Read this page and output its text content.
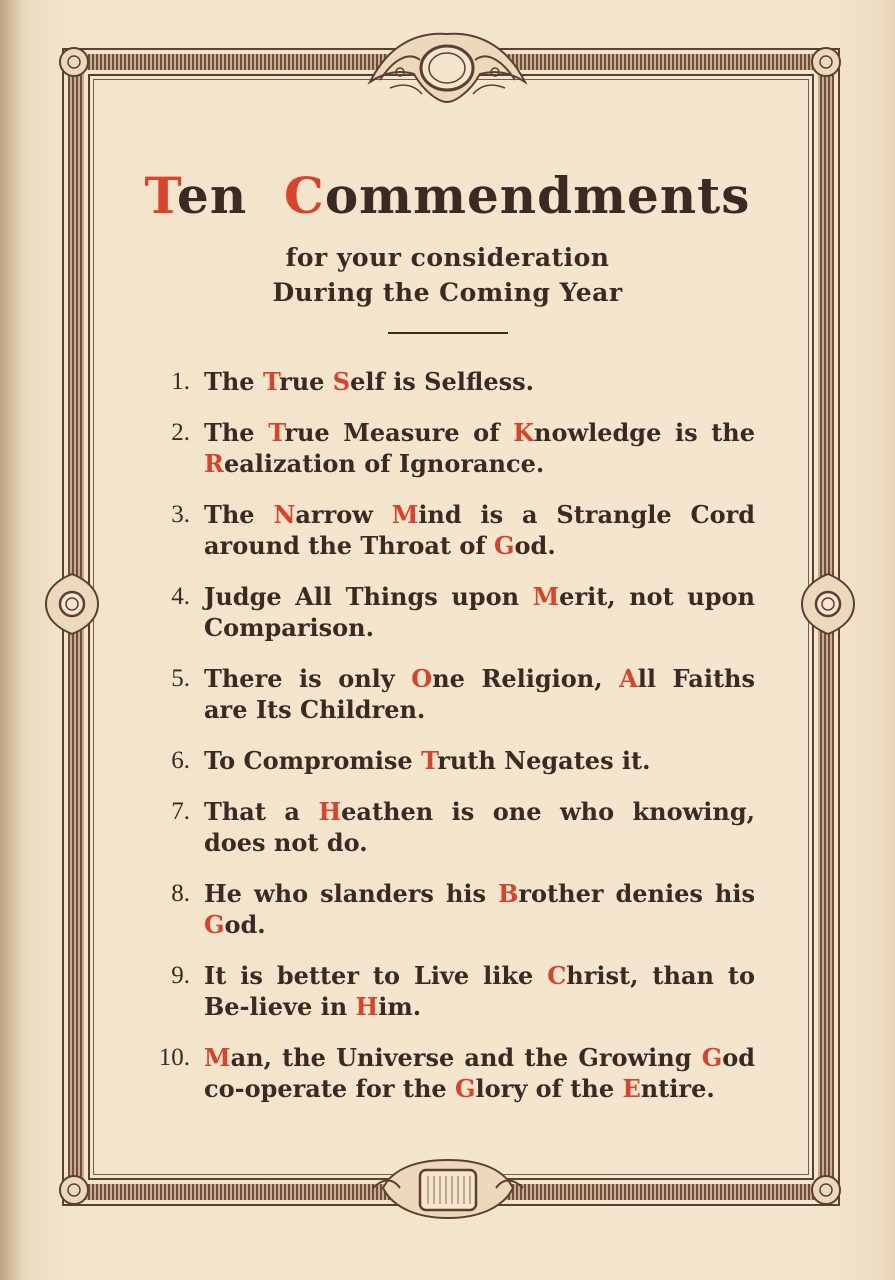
Ten Commendments
for your consideration
During the Coming Year
1. The True Self is Selfless.
2. The True Measure of Knowledge is the Realization of Ignorance.
3. The Narrow Mind is a Strangle Cord around the Throat of God.
4. Judge All Things upon Merit, not upon Comparison.
5. There is only One Religion, All Faiths are Its Children.
6. To Compromise Truth Negates it.
7. That a Heathen is one who knowing, does not do.
8. He who slanders his Brother denies his God.
9. It is better to Live like Christ, than to Be-lieve in Him.
10. Man, the Universe and the Growing God co-operate for the Glory of the Entire.
